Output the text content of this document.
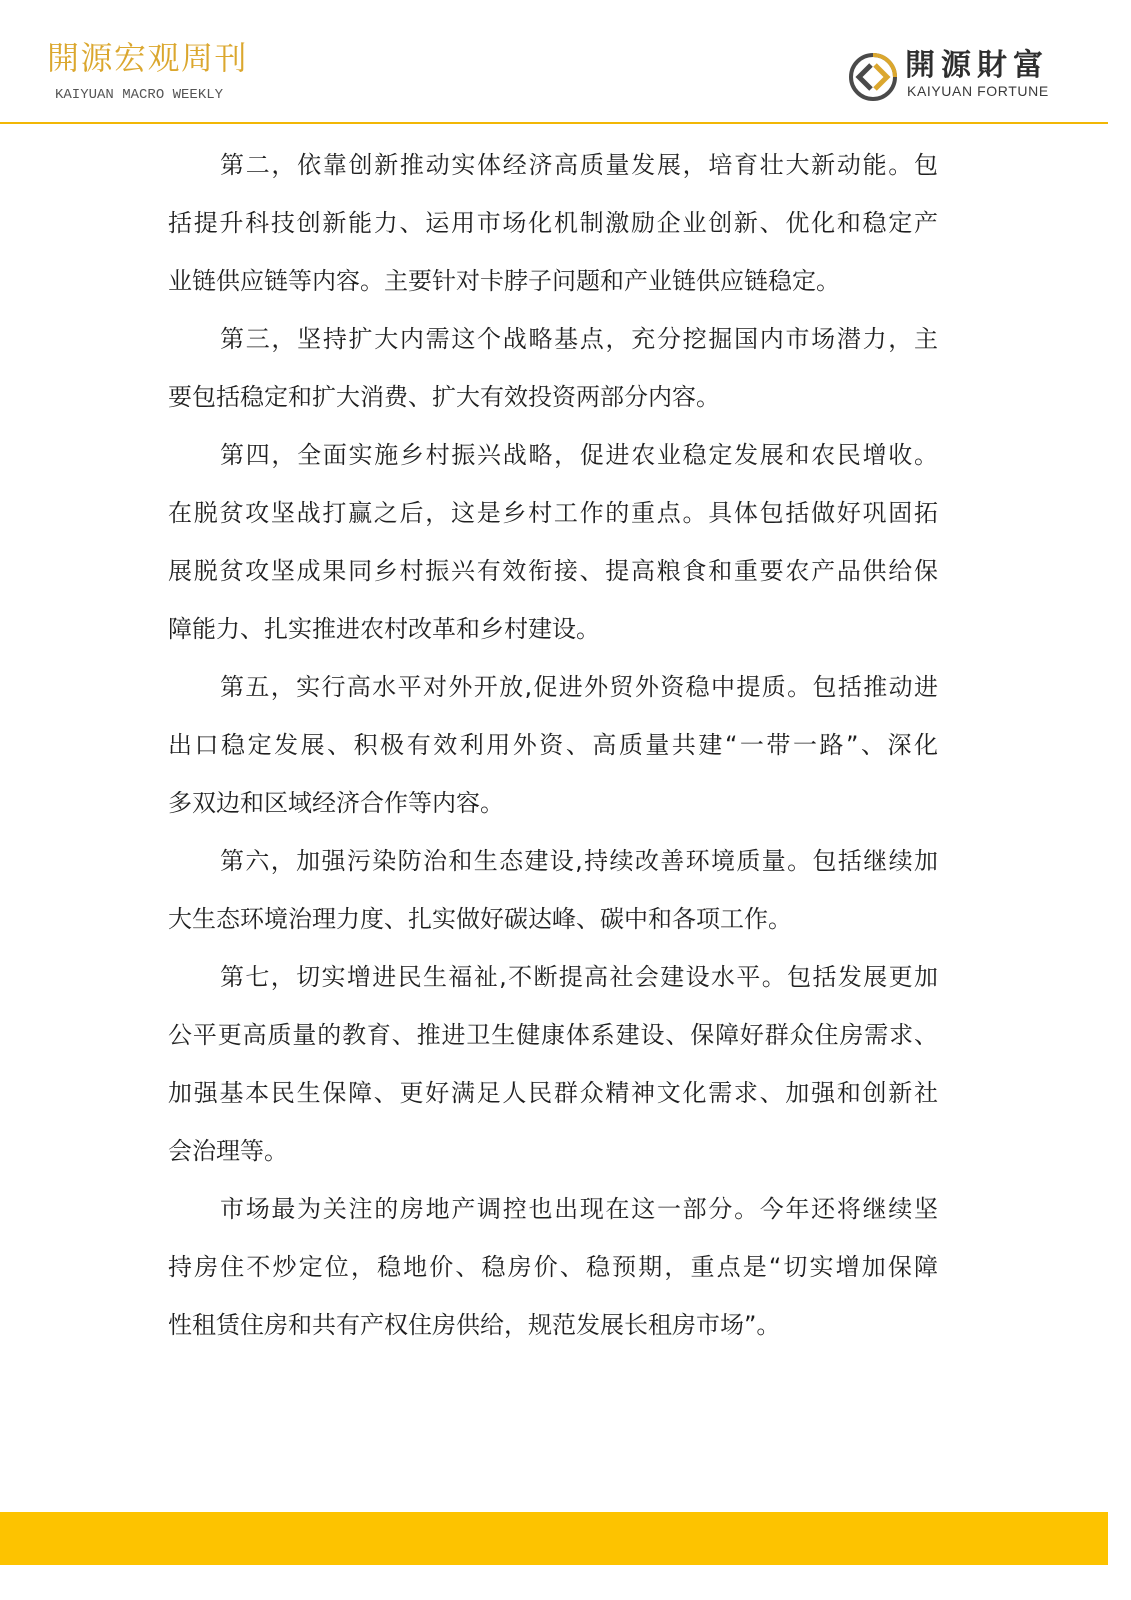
開源宏观周刊
KAIYUAN MACRO WEEKLY
開源財富
KAIYUAN FORTUNE
第二，依靠创新推动实体经济高质量发展，培育壮大新动能。包
括提升科技创新能力、运用市场化机制激励企业创新、优化和稳定产
业链供应链等内容。主要针对卡脖子问题和产业链供应链稳定。
第三，坚持扩大内需这个战略基点，充分挖掘国内市场潜力，主
要包括稳定和扩大消费、扩大有效投资两部分内容。
第四，全面实施乡村振兴战略，促进农业稳定发展和农民增收。
在脱贫攻坚战打赢之后，这是乡村工作的重点。具体包括做好巩固拓
展脱贫攻坚成果同乡村振兴有效衔接、提高粮食和重要农产品供给保
障能力、扎实推进农村改革和乡村建设。
第五，实行高水平对外开放,促进外贸外资稳中提质。包括推动进
出口稳定发展、积极有效利用外资、高质量共建“一带一路”、深化
多双边和区域经济合作等内容。
第六，加强污染防治和生态建设,持续改善环境质量。包括继续加
大生态环境治理力度、扎实做好碳达峰、碳中和各项工作。
第七，切实增进民生福祉,不断提高社会建设水平。包括发展更加
公平更高质量的教育、推进卫生健康体系建设、保障好群众住房需求、
加强基本民生保障、更好满足人民群众精神文化需求、加强和创新社
会治理等。
市场最为关注的房地产调控也出现在这一部分。今年还将继续坚
持房住不炒定位，稳地价、稳房价、稳预期，重点是“切实增加保障
性租赁住房和共有产权住房供给，规范发展长租房市场”。
